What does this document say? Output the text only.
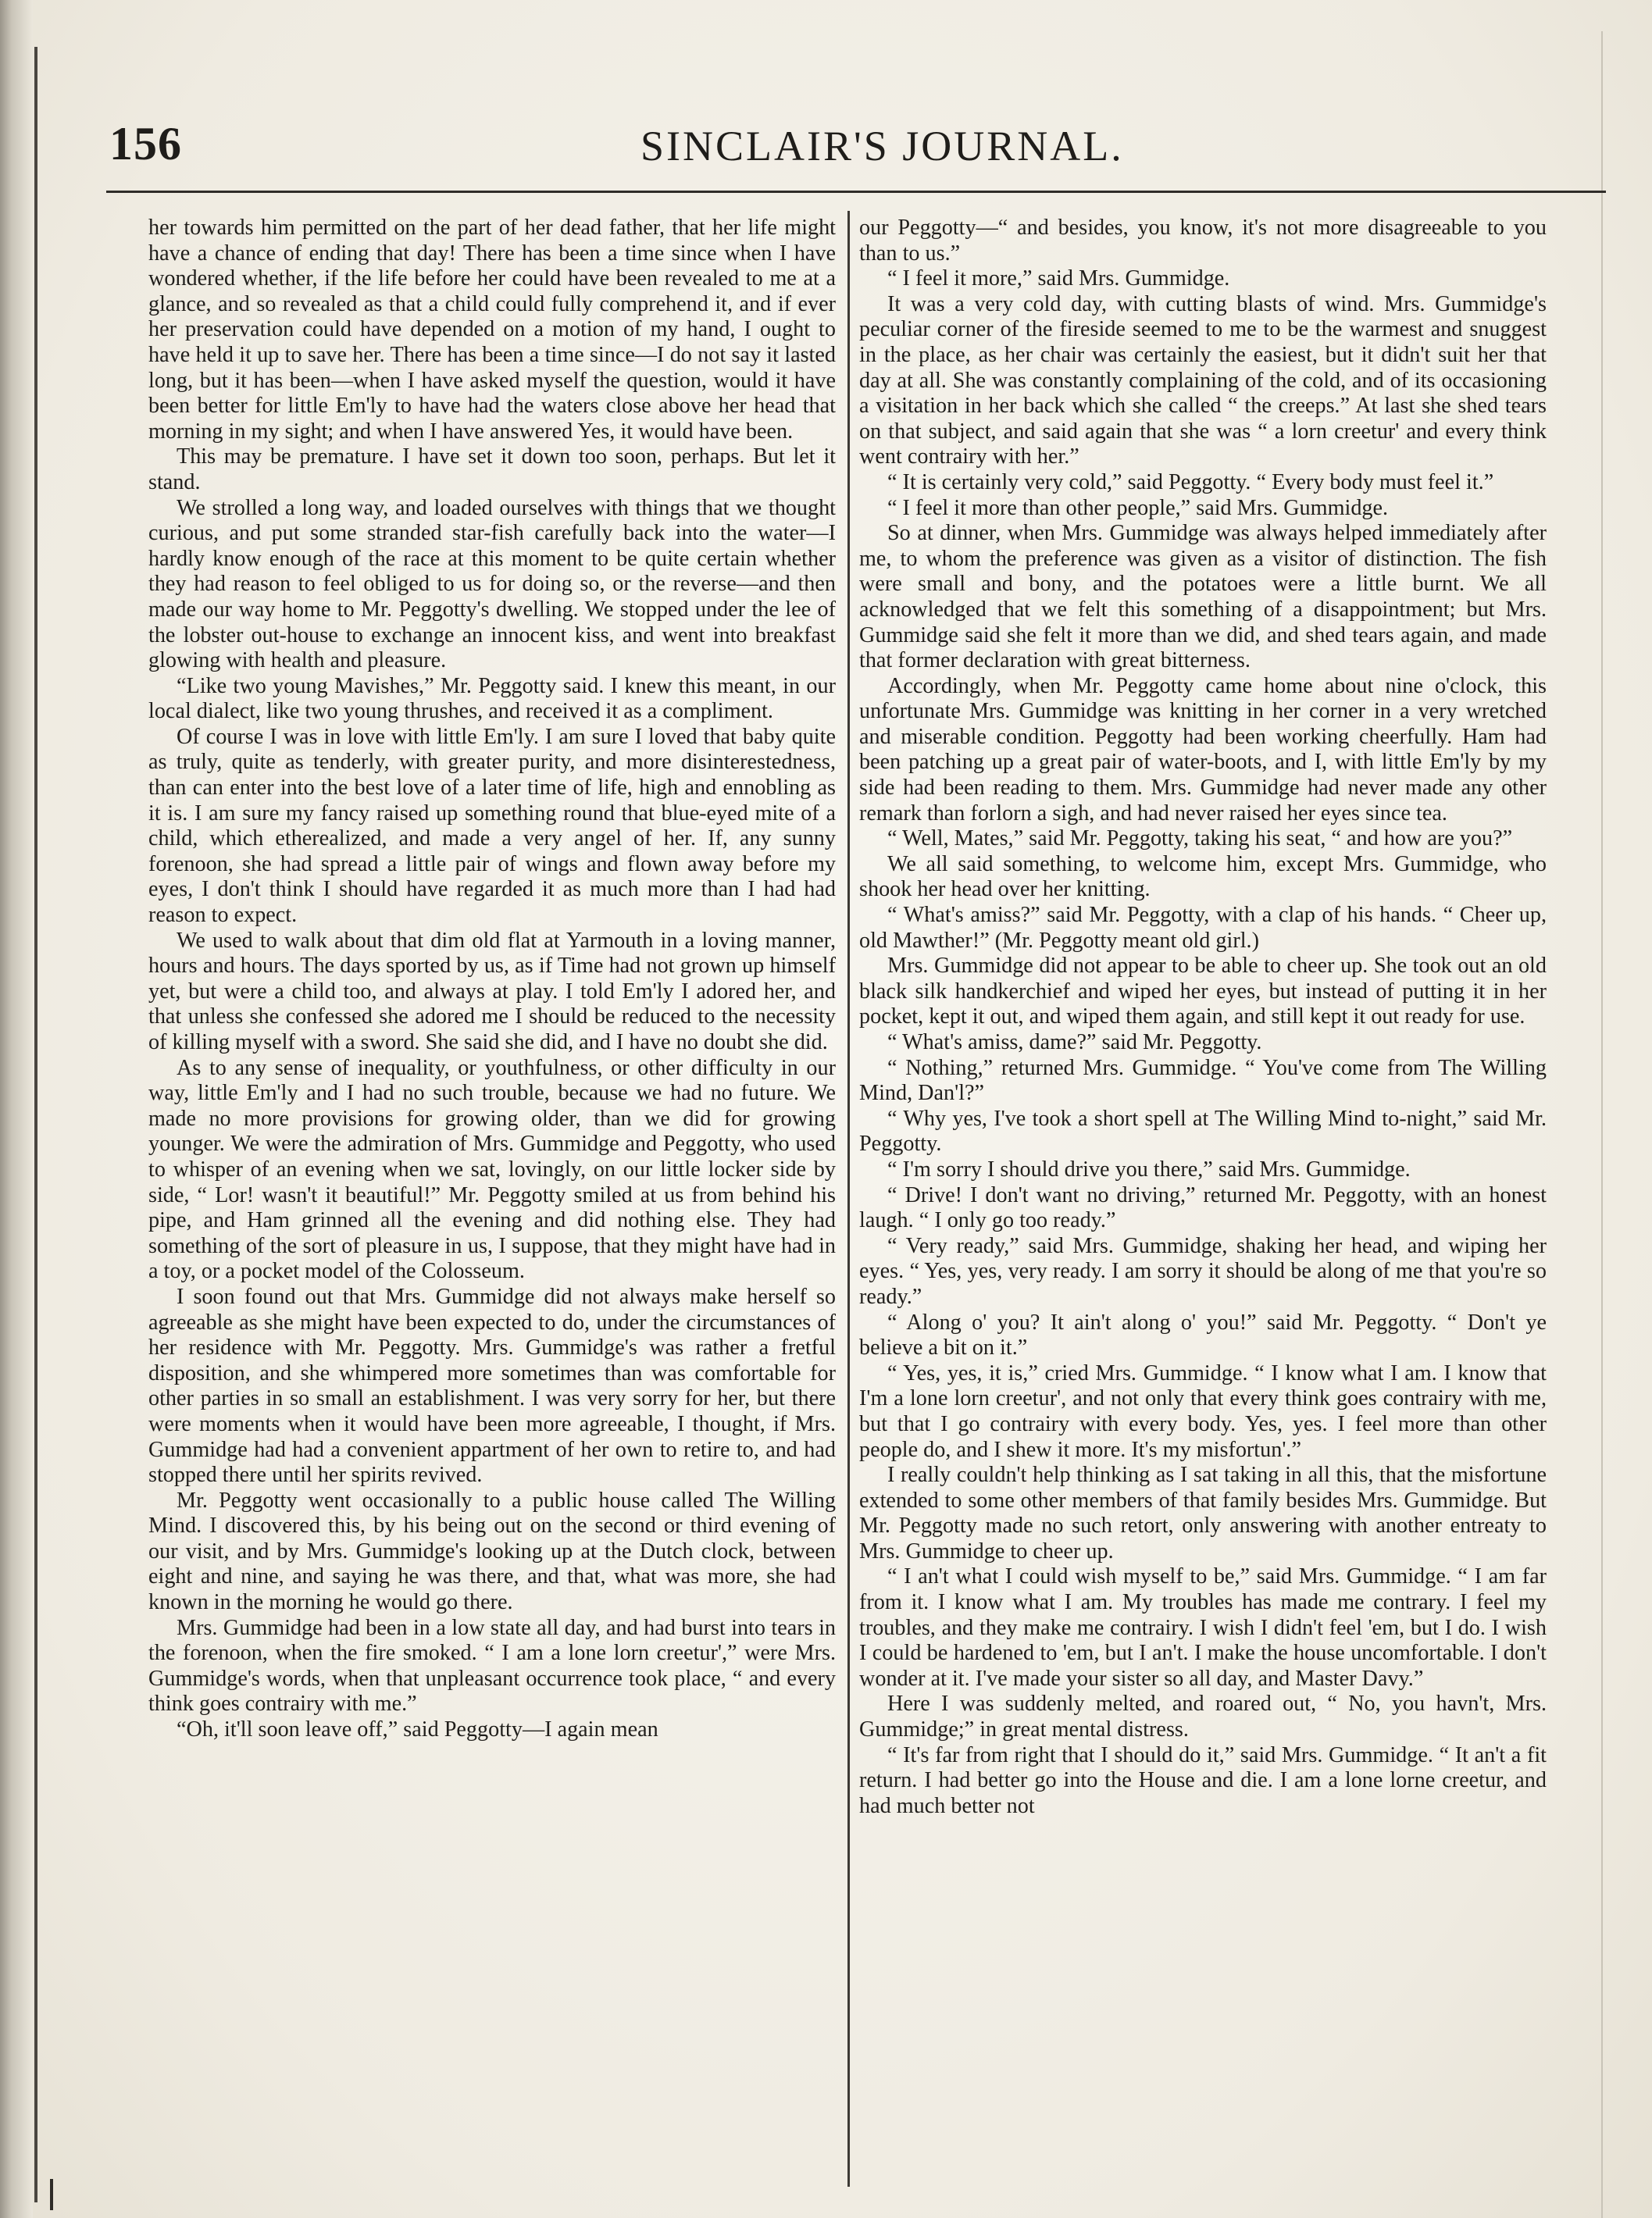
156	SINCLAIR'S JOURNAL.

her towards him permitted on the part of her dead father, that her life might have a chance of ending that day! There has been a time since when I have wondered whether, if the life before her could have been revealed to me at a glance, and so revealed as that a child could fully comprehend it, and if ever her preservation could have depended on a motion of my hand, I ought to have held it up to save her. There has been a time since—I do not say it lasted long, but it has been—when I have asked myself the question, would it have been better for little Em'ly to have had the waters close above her head that morning in my sight; and when I have answered Yes, it would have been.

This may be premature. I have set it down too soon, perhaps. But let it stand.

We strolled a long way, and loaded ourselves with things that we thought curious, and put some stranded star-fish carefully back into the water—I hardly know enough of the race at this moment to be quite certain whether they had reason to feel obliged to us for doing so, or the reverse—and then made our way home to Mr. Peggotty's dwelling. We stopped under the lee of the lobster out-house to exchange an innocent kiss, and went into breakfast glowing with health and pleasure.

“Like two young Mavishes,” Mr. Peggotty said. I knew this meant, in our local dialect, like two young thrushes, and received it as a compliment.

Of course I was in love with little Em'ly. I am sure I loved that baby quite as truly, quite as tenderly, with greater purity, and more disinterestedness, than can enter into the best love of a later time of life, high and ennobling as it is. I am sure my fancy raised up something round that blue-eyed mite of a child, which etherealized, and made a very angel of her. If, any sunny forenoon, she had spread a little pair of wings and flown away before my eyes, I don't think I should have regarded it as much more than I had had reason to expect.

We used to walk about that dim old flat at Yarmouth in a loving manner, hours and hours. The days sported by us, as if Time had not grown up himself yet, but were a child too, and always at play. I told Em'ly I adored her, and that unless she confessed she adored me I should be reduced to the necessity of killing myself with a sword. She said she did, and I have no doubt she did.

As to any sense of inequality, or youthfulness, or other difficulty in our way, little Em'ly and I had no such trouble, because we had no future. We made no more provisions for growing older, than we did for growing younger. We were the admiration of Mrs. Gummidge and Peggotty, who used to whisper of an evening when we sat, lovingly, on our little locker side by side, “ Lor! wasn't it beautiful!” Mr. Peggotty smiled at us from behind his pipe, and Ham grinned all the evening and did nothing else. They had something of the sort of pleasure in us, I suppose, that they might have had in a toy, or a pocket model of the Colosseum.

I soon found out that Mrs. Gummidge did not always make herself so agreeable as she might have been expected to do, under the circumstances of her residence with Mr. Peggotty. Mrs. Gummidge's was rather a fretful disposition, and she whimpered more sometimes than was comfortable for other parties in so small an establishment. I was very sorry for her, but there were moments when it would have been more agreeable, I thought, if Mrs. Gummidge had had a convenient appartment of her own to retire to, and had stopped there until her spirits revived.

Mr. Peggotty went occasionally to a public house called The Willing Mind. I discovered this, by his being out on the second or third evening of our visit, and by Mrs. Gummidge's looking up at the Dutch clock, between eight and nine, and saying he was there, and that, what was more, she had known in the morning he would go there.

Mrs. Gummidge had been in a low state all day, and had burst into tears in the forenoon, when the fire smoked. “ I am a lone lorn creetur',” were Mrs. Gummidge's words, when that unpleasant occurrence took place, “ and every think goes contrairy with me.”

“Oh, it'll soon leave off,” said Peggotty—I again mean

our Peggotty—“ and besides, you know, it's not more disagreeable to you than to us.”

“ I feel it more,” said Mrs. Gummidge.

It was a very cold day, with cutting blasts of wind. Mrs. Gummidge's peculiar corner of the fireside seemed to me to be the warmest and snuggest in the place, as her chair was certainly the easiest, but it didn't suit her that day at all. She was constantly complaining of the cold, and of its occasioning a visitation in her back which she called “ the creeps.” At last she shed tears on that subject, and said again that she was “ a lorn creetur' and every think went contrairy with her.”

“ It is certainly very cold,” said Peggotty. “ Every body must feel it.”

“ I feel it more than other people,” said Mrs. Gummidge.

So at dinner, when Mrs. Gummidge was always helped immediately after me, to whom the preference was given as a visitor of distinction. The fish were small and bony, and the potatoes were a little burnt. We all acknowledged that we felt this something of a disappointment; but Mrs. Gummidge said she felt it more than we did, and shed tears again, and made that former declaration with great bitterness.

Accordingly, when Mr. Peggotty came home about nine o'clock, this unfortunate Mrs. Gummidge was knitting in her corner in a very wretched and miserable condition. Peggotty had been working cheerfully. Ham had been patching up a great pair of water-boots, and I, with little Em'ly by my side had been reading to them. Mrs. Gummidge had never made any other remark than forlorn a sigh, and had never raised her eyes since tea.

“ Well, Mates,” said Mr. Peggotty, taking his seat, “ and how are you?”

We all said something, to welcome him, except Mrs. Gummidge, who shook her head over her knitting.

“ What's amiss?” said Mr. Peggotty, with a clap of his hands. “ Cheer up, old Mawther!” (Mr. Peggotty meant old girl.)

Mrs. Gummidge did not appear to be able to cheer up. She took out an old black silk handkerchief and wiped her eyes, but instead of putting it in her pocket, kept it out, and wiped them again, and still kept it out ready for use.

“ What's amiss, dame?” said Mr. Peggotty.

“ Nothing,” returned Mrs. Gummidge. “ You've come from The Willing Mind, Dan'l?”

“ Why yes, I've took a short spell at The Willing Mind to-night,” said Mr. Peggotty.

“ I'm sorry I should drive you there,” said Mrs. Gummidge.

“ Drive! I don't want no driving,” returned Mr. Peggotty, with an honest laugh. “ I only go too ready.”

“ Very ready,” said Mrs. Gummidge, shaking her head, and wiping her eyes. “ Yes, yes, very ready. I am sorry it should be along of me that you're so ready.”

“ Along o' you? It ain't along o' you!” said Mr. Peggotty. “ Don't ye believe a bit on it.”

“ Yes, yes, it is,” cried Mrs. Gummidge. “ I know what I am. I know that I'm a lone lorn creetur', and not only that every think goes contrairy with me, but that I go contrairy with every body. Yes, yes. I feel more than other people do, and I shew it more. It's my misfortun'.”

I really couldn't help thinking as I sat taking in all this, that the misfortune extended to some other members of that family besides Mrs. Gummidge. But Mr. Peggotty made no such retort, only answering with another entreaty to Mrs. Gummidge to cheer up.

“ I an't what I could wish myself to be,” said Mrs. Gummidge. “ I am far from it. I know what I am. My troubles has made me contrary. I feel my troubles, and they make me contrairy. I wish I didn't feel 'em, but I do. I wish I could be hardened to 'em, but I an't. I make the house uncomfortable. I don't wonder at it. I've made your sister so all day, and Master Davy.”

Here I was suddenly melted, and roared out, “ No, you havn't, Mrs. Gummidge;” in great mental distress.

“ It's far from right that I should do it,” said Mrs. Gummidge. “ It an't a fit return. I had better go into the House and die. I am a lone lorne creetur, and had much better not
